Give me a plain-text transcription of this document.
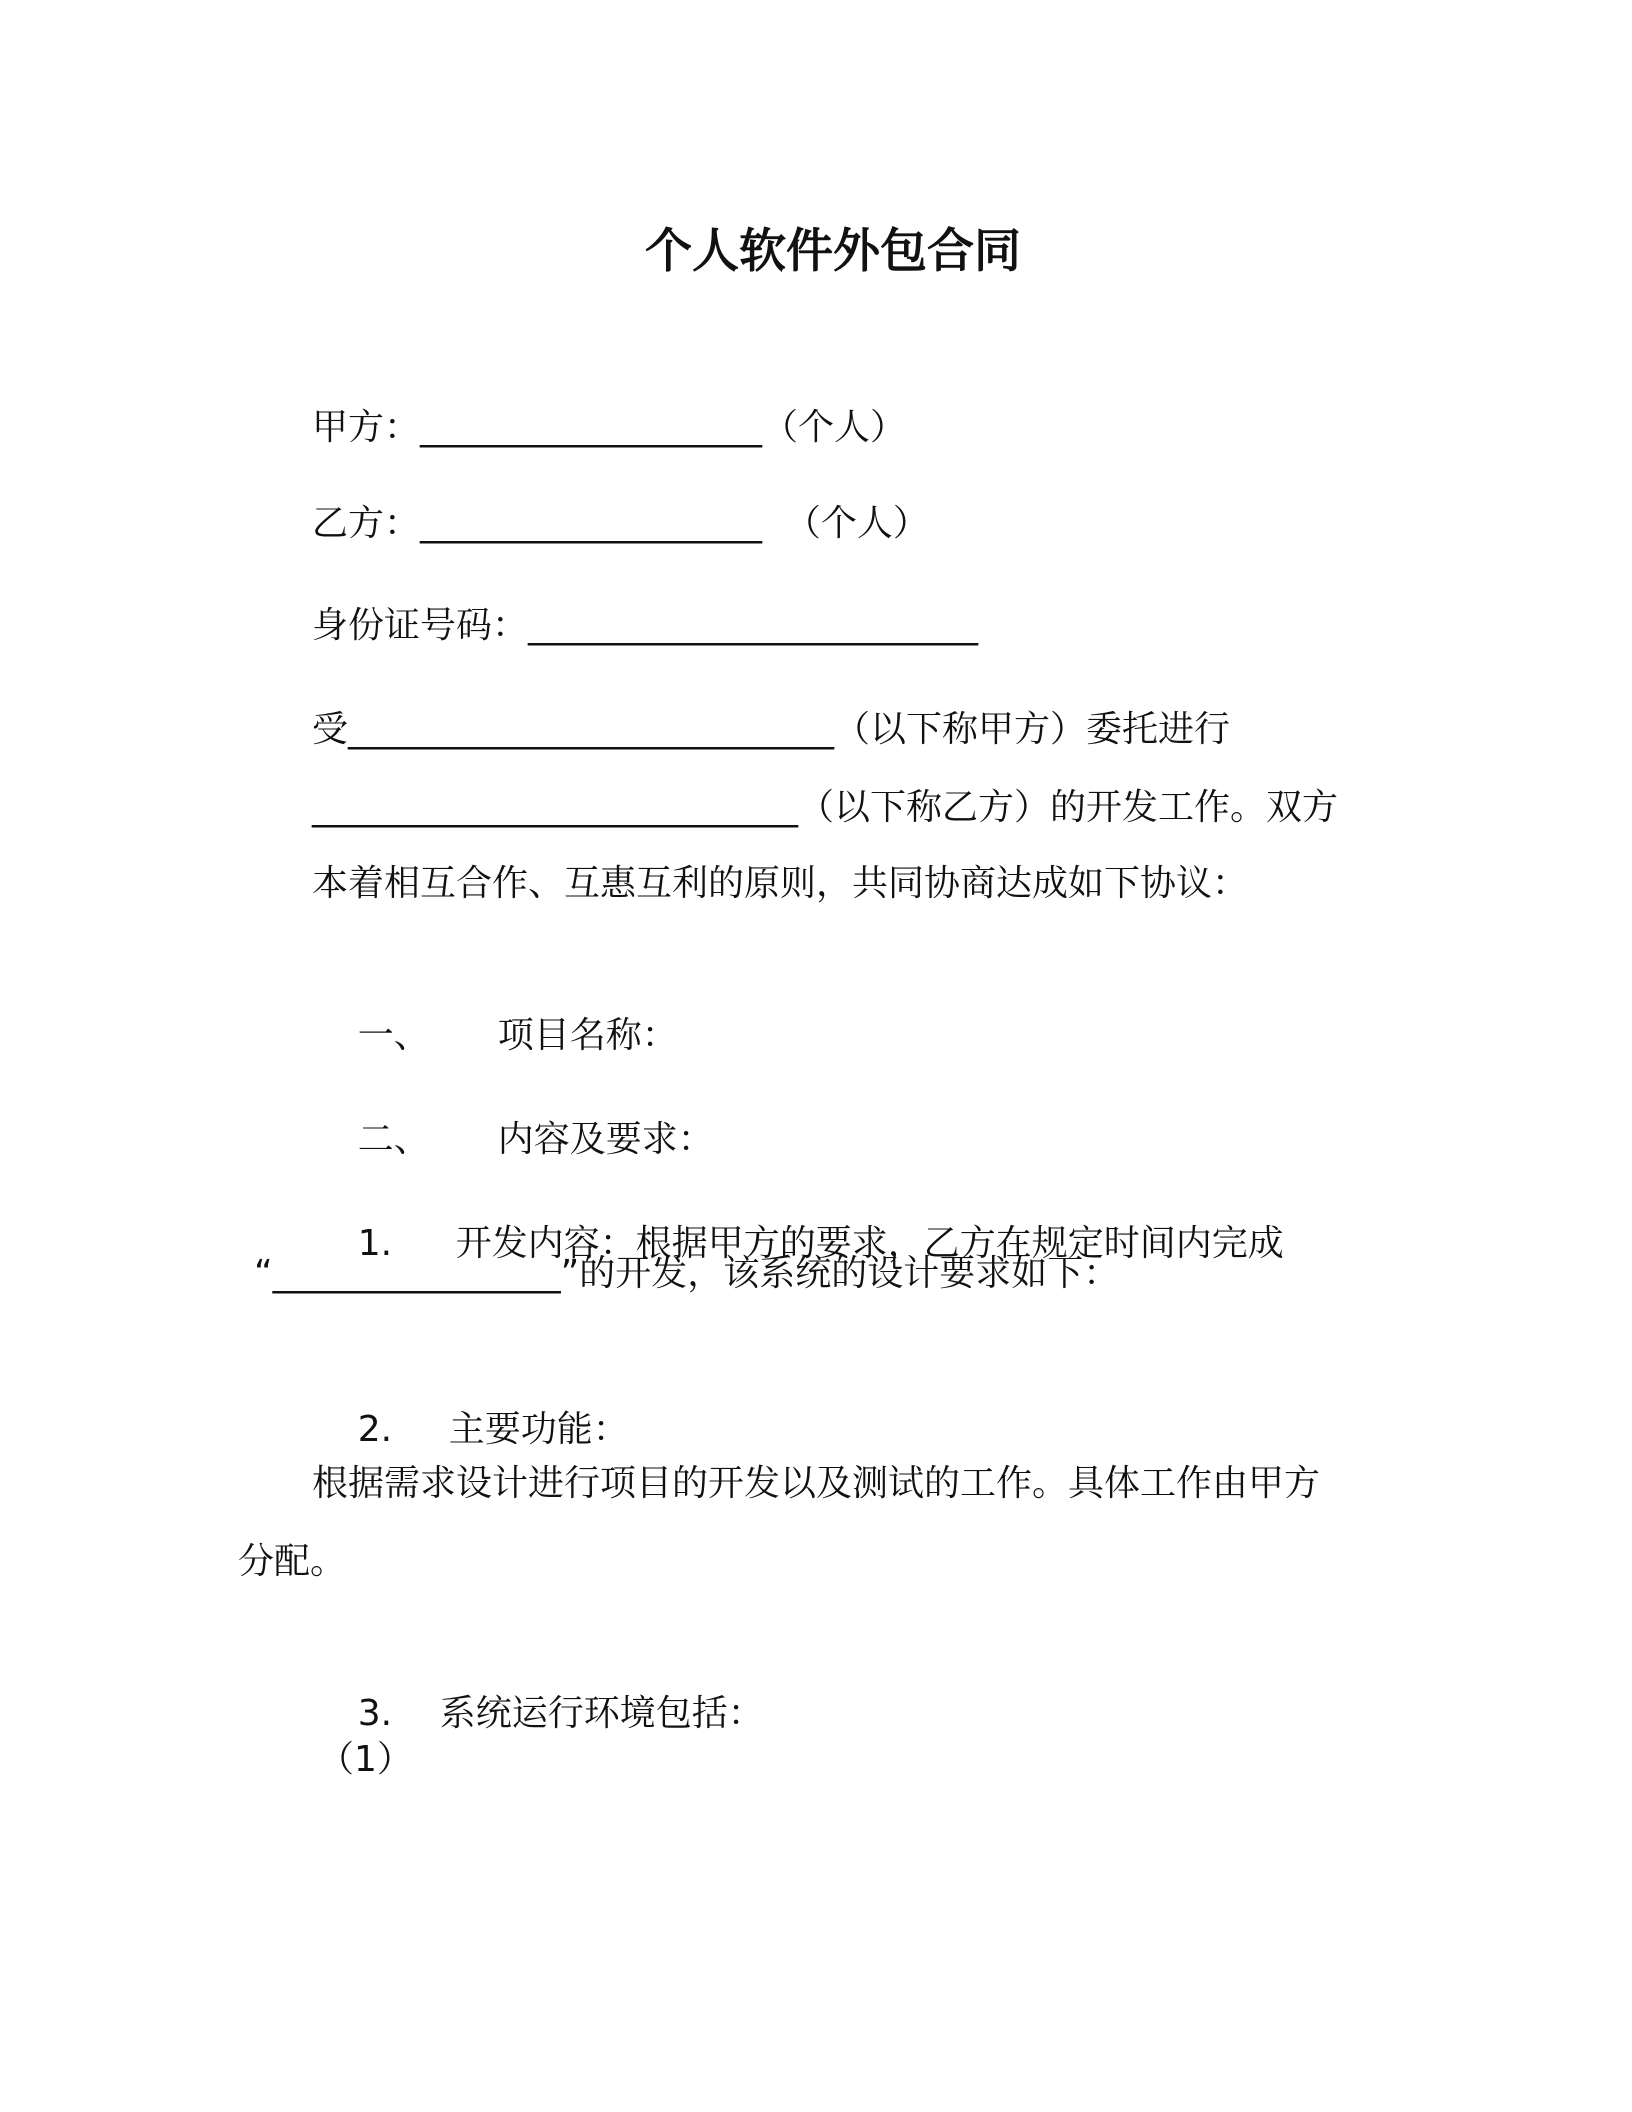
个人软件外包合同
甲方：___________________（个人）
乙方：___________________  （个人）
身份证号码：_________________________
受___________________________（以下称甲方）委托进行
___________________________（以下称乙方）的开发工作。双方
本着相互合作、互惠互利的原则，共同协商达成如下协议：

一、 项目名称：

二、 内容及要求：

1. 开发内容：根据甲方的要求，乙方在规定时间内完成

“________________”的开发，该系统的设计要求如下：

2. 主要功能：

根据需求设计进行项目的开发以及测试的工作。具体工作由甲方
分配。

3. 系统运行环境包括：

（1）
